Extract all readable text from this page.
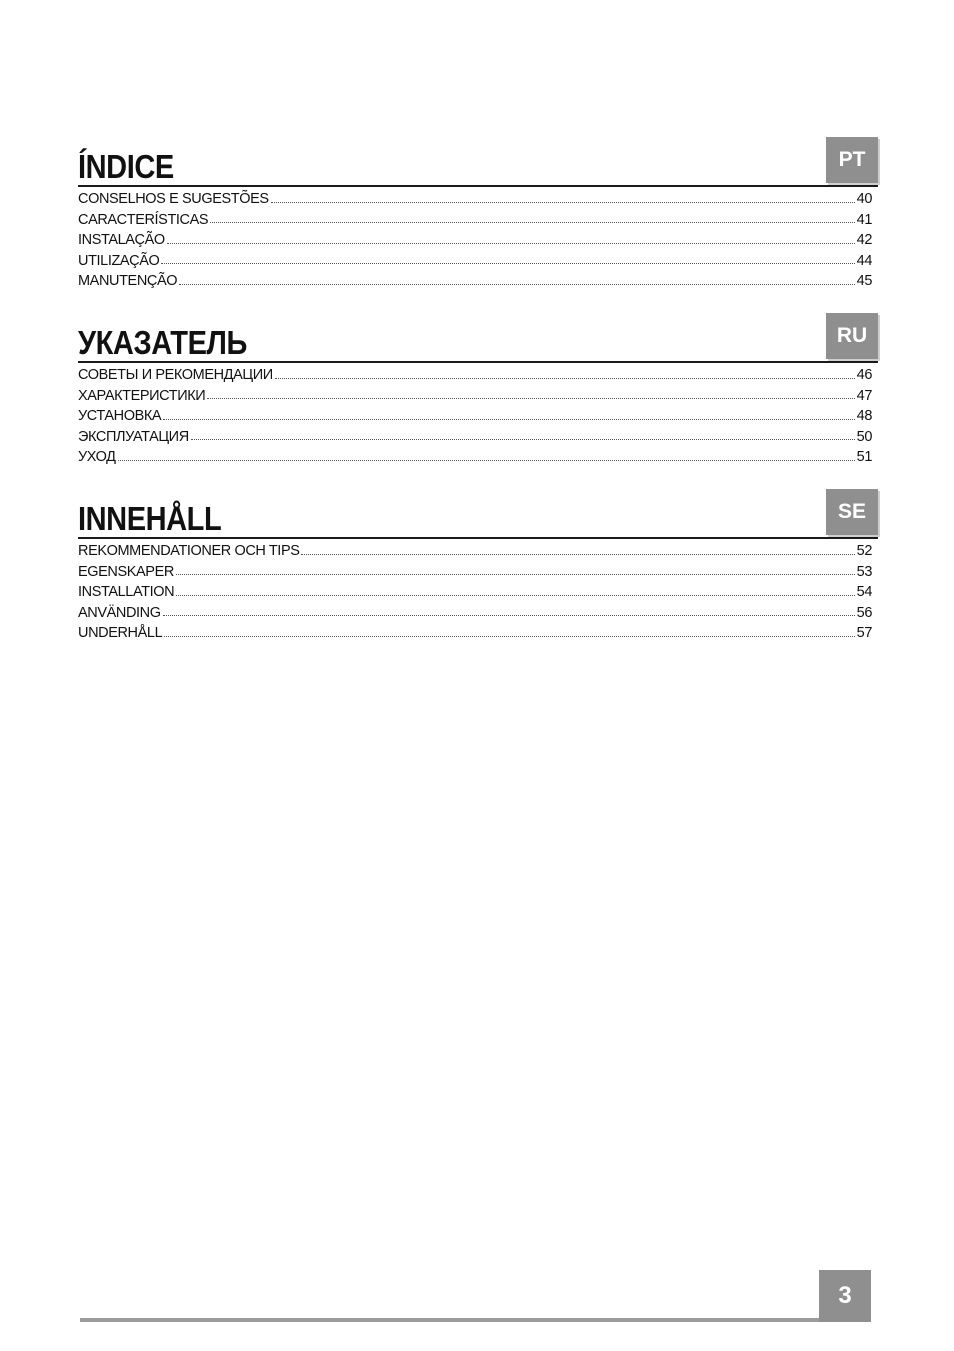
ÍNDICE	PT
CONSELHOS E SUGESTÕES	40
CARACTERÍSTICAS	41
INSTALAÇÃO	42
UTILIZAÇÃO	44
MANUTENÇÃO	45
УКАЗАТЕЛЬ	RU
СОВЕТЫ И РЕКОМЕНДАЦИИ	46
ХАРАКТЕРИСТИКИ	47
УСТАНОВКА	48
ЭКСПЛУАТАЦИЯ	50
УХОД	51
INNEHÅLL	SE
REKOMMENDATIONER OCH TIPS	52
EGENSKAPER	53
INSTALLATION	54
ANVÄNDING	56
UNDERHÅLL	57
3
